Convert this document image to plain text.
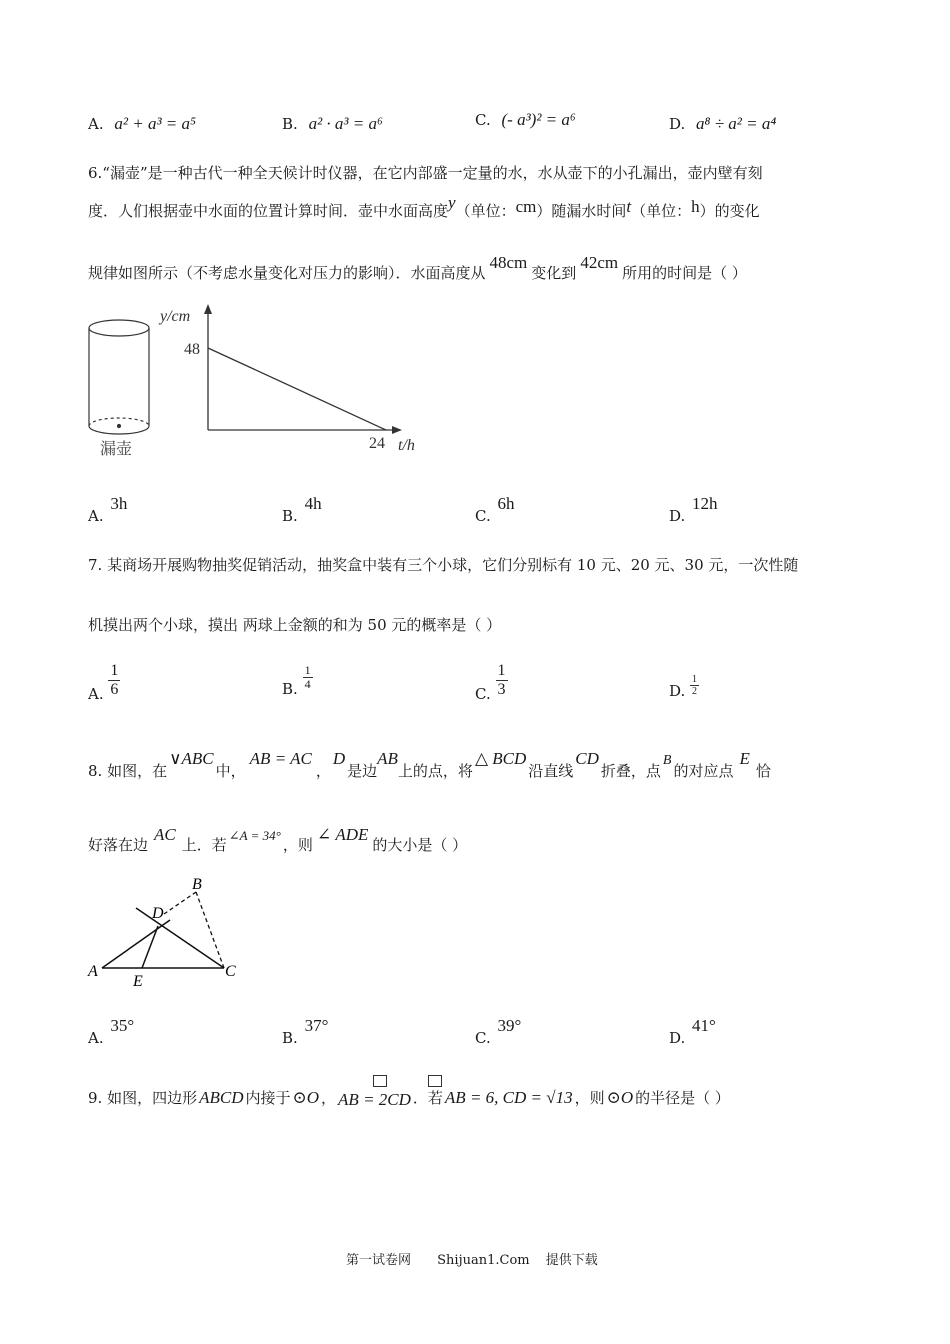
A. a² + a³ = a⁵	B. a² · a³ = a⁶	C. (- a³)² = a⁶	D. a⁸ ÷ a² = a⁴
6.“漏壶”是一种古代一种全天候计时仪器，在它内部盛一定量的水，水从壶下的小孔漏出，壶内壁有刻
度．人们根据壶中水面的位置计算时间．壶中水面高度y（单位：cm）随漏水时间t（单位：h）的变化
规律如图所示（不考虑水量变化对压力的影响）．水面高度从48cm变化到42cm所用的时间是（ ）
漏壶
y/cm
48
24 t/h
A. 3h
B. 4h
C. 6h
D. 12h
7. 某商场开展购物抽奖促销活动，抽奖盒中装有三个小球，它们分别标有 10 元、20 元、30 元，一次性随
机摸出两个小球，摸出 两球上金额的和为 50 元的概率是（ ）
A. $\frac{1}{6}$	B. $\frac{1}{4}$
C. $\frac{1}{3}$	D. $\frac{1}{2}$
8. 如图，在∨ABC中，AB = AC，D是边AB上的点，将△ BCD沿直线CD折叠，点B的对应点E恰
好落在边AC上．若∠A = 34°，则∠ ADE的大小是（ ）
A
B
C
D
E
A. 35°
B. 37°
C. 39°
D. 41°
9. 如图，四边形 ABCD 内接于 ⊙O ， AB = 2CD ．若 AB = 6, CD = √13 ，则 ⊙O 的半径是（ ）
第一试卷网 Shijuan1.Com 提供下载
